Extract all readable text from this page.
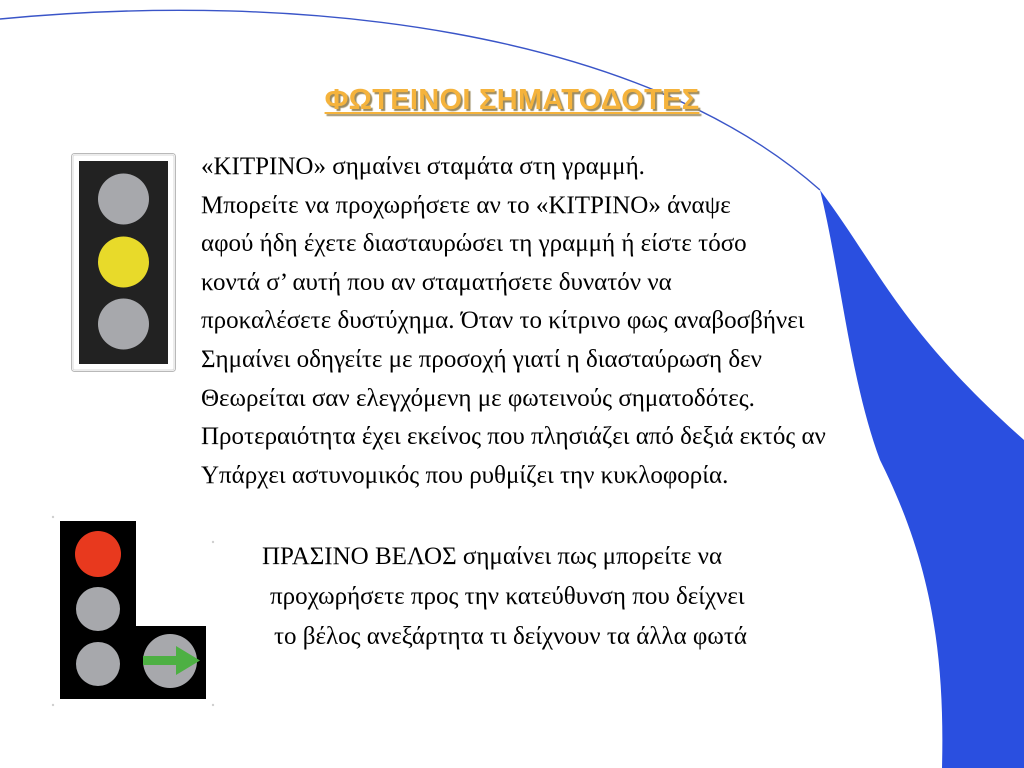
ΦΩΤΕΙΝΟΙ ΣΗΜΑΤΟΔΟΤΕΣ
«ΚΙΤΡΙΝΟ» σημαίνει σταμάτα στη γραμμή.
Μπορείτε να προχωρήσετε αν το «ΚΙΤΡΙΝΟ» άναψε
αφού ήδη έχετε διασταυρώσει τη γραμμή ή είστε τόσο
κοντά σ’ αυτή που αν σταματήσετε δυνατόν να
προκαλέσετε δυστύχημα. Όταν το κίτρινο φως αναβοσβήνει
Σημαίνει οδηγείτε με προσοχή γιατί η διασταύρωση δεν
Θεωρείται σαν ελεγχόμενη με φωτεινούς σηματοδότες.
Προτεραιότητα έχει εκείνος που πλησιάζει από δεξιά εκτός αν
Υπάρχει αστυνομικός που ρυθμίζει την κυκλοφορία.
ΠΡΑΣΙΝΟ ΒΕΛΟΣ σημαίνει πως μπορείτε να
προχωρήσετε προς την κατεύθυνση που δείχνει
το βέλος ανεξάρτητα τι δείχνουν τα άλλα φωτά
